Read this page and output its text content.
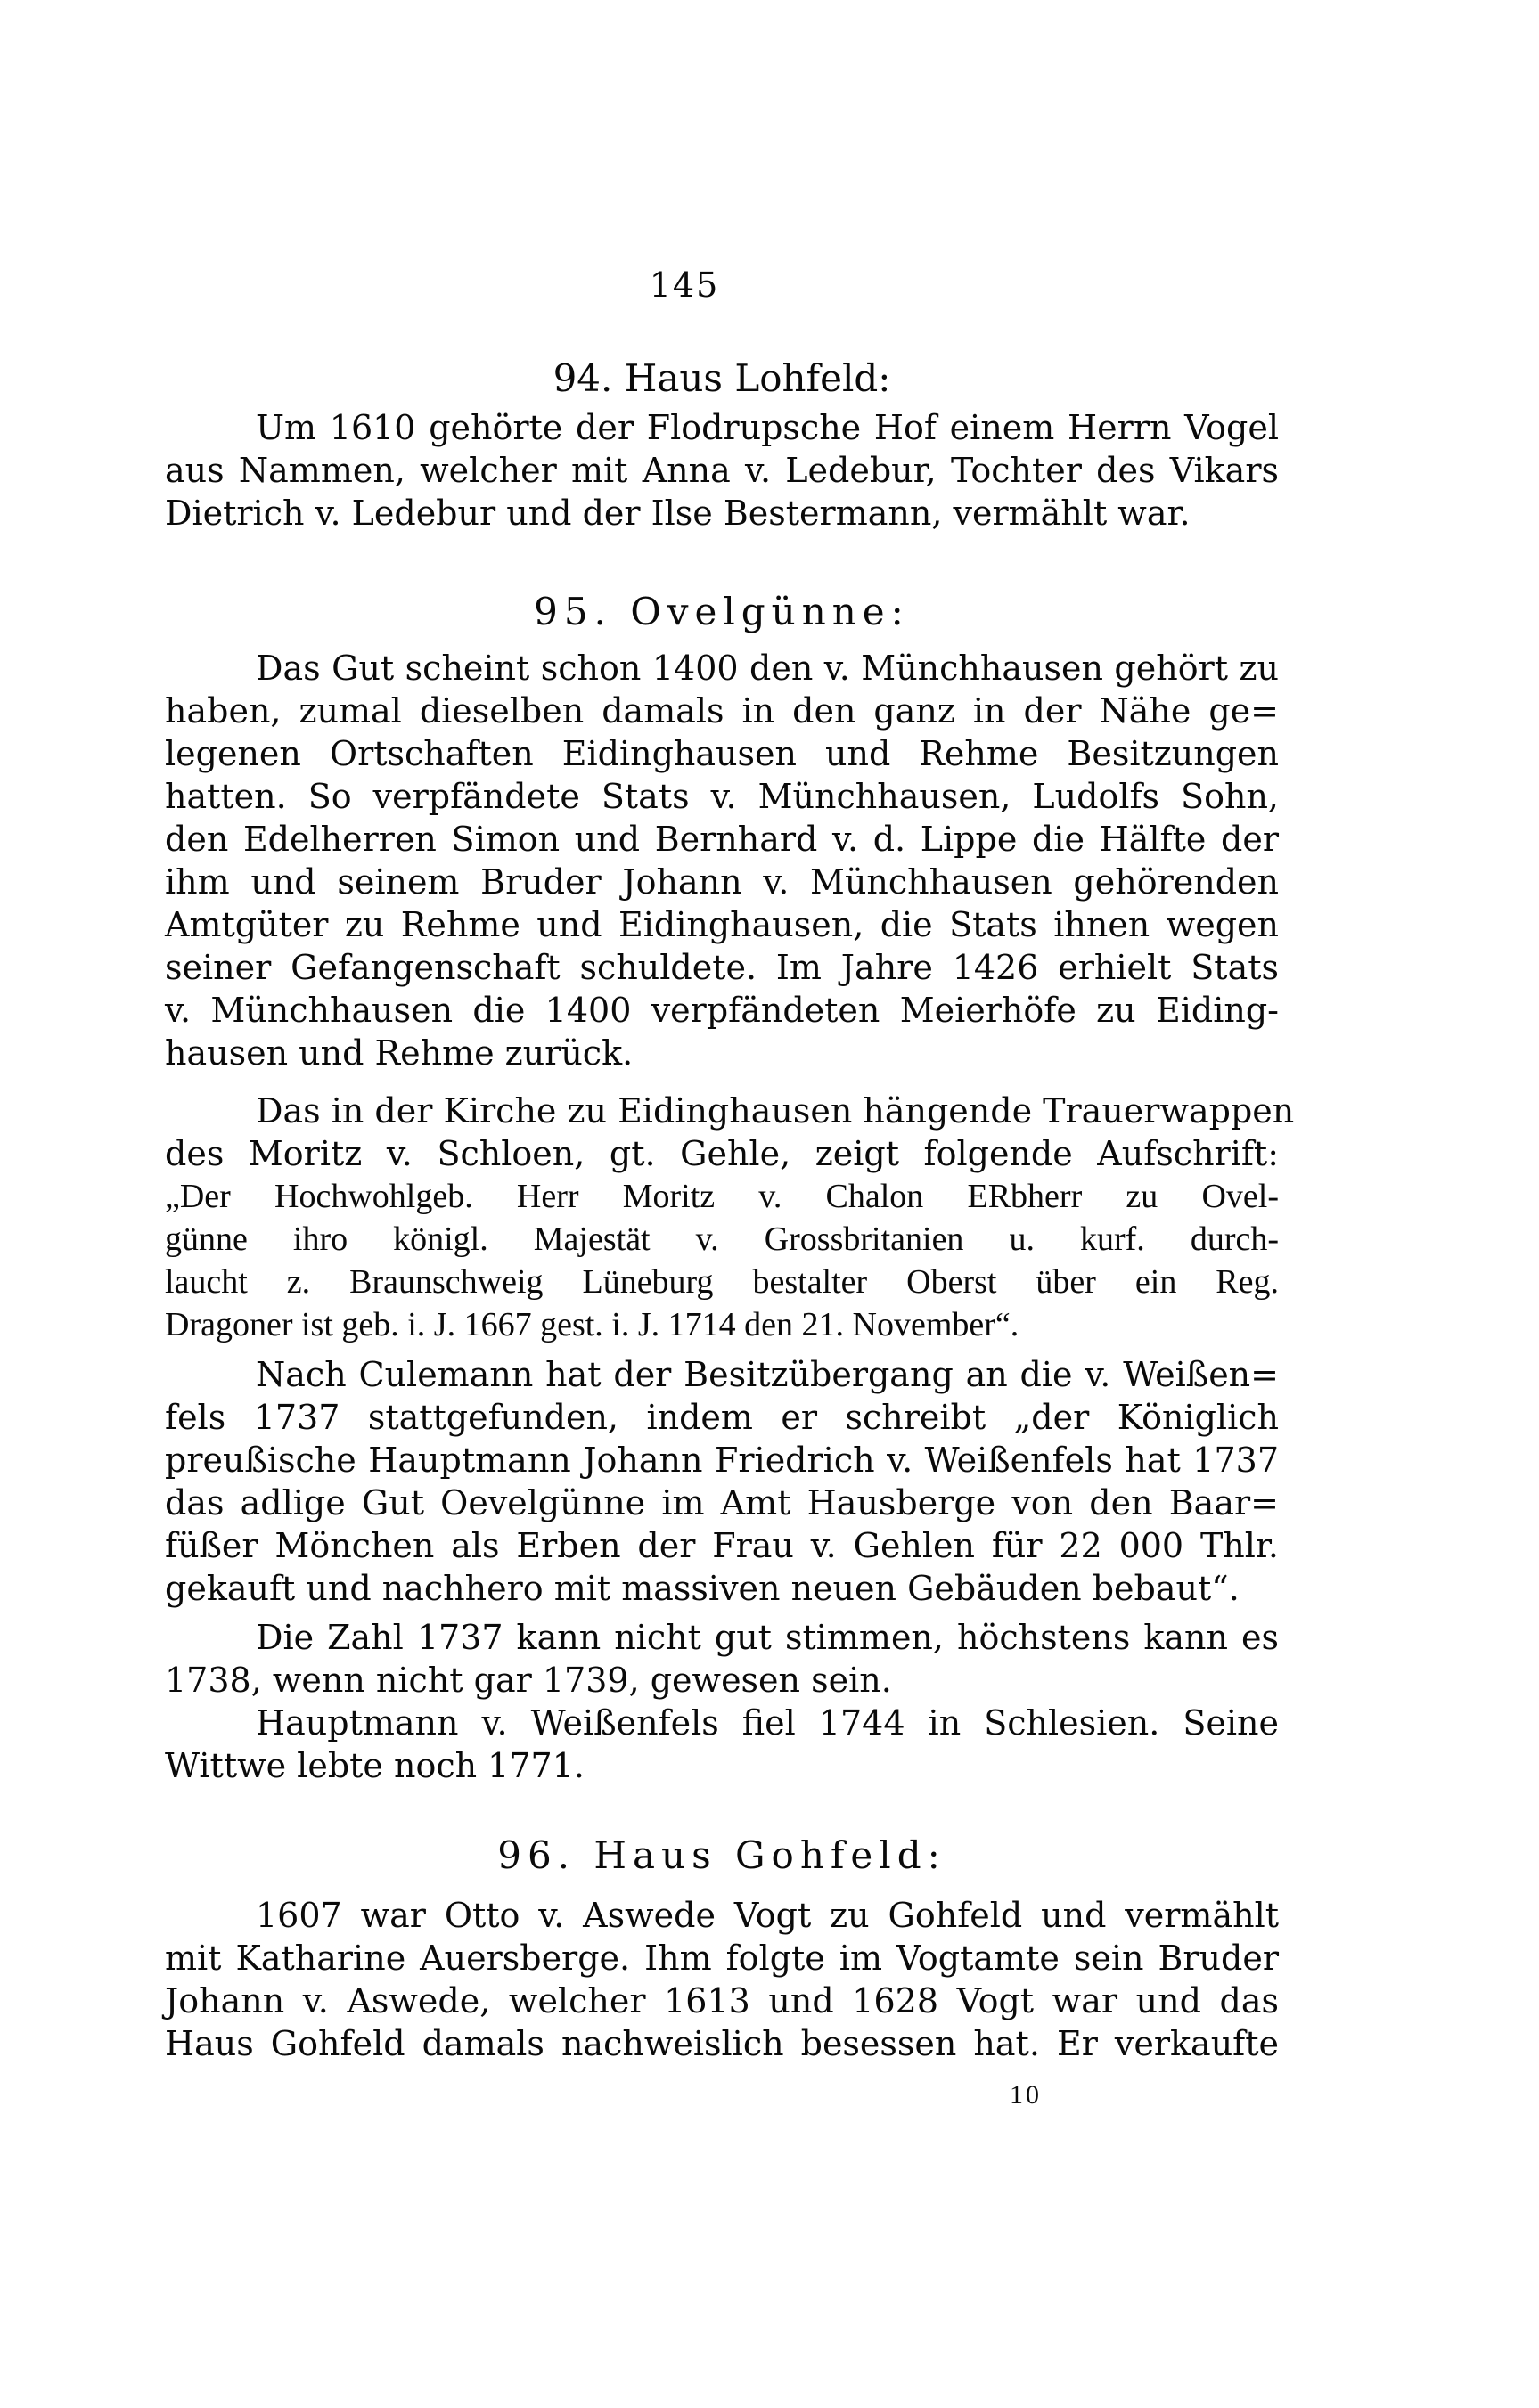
145
94. Haus Lohfeld:
Um 1610 gehörte der Flodrupsche Hof einem Herrn Vogel
aus Nammen, welcher mit Anna v. Ledebur, Tochter des Vikars
Dietrich v. Ledebur und der Ilse Bestermann, vermählt war.
95. Ovelgünne:
Das Gut scheint schon 1400 den v. Münchhausen gehört zu
haben, zumal dieselben damals in den ganz in der Nähe ge=
legenen Ortschaften Eidinghausen und Rehme Besitzungen
hatten. So verpfändete Stats v. Münchhausen, Ludolfs Sohn,
den Edelherren Simon und Bernhard v. d. Lippe die Hälfte der
ihm und seinem Bruder Johann v. Münchhausen gehörenden
Amtgüter zu Rehme und Eidinghausen, die Stats ihnen wegen
seiner Gefangenschaft schuldete. Im Jahre 1426 erhielt Stats
v. Münchhausen die 1400 verpfändeten Meierhöfe zu Eiding-
hausen und Rehme zurück.
Das in der Kirche zu Eidinghausen hängende Trauerwappen
des Moritz v. Schloen, gt. Gehle, zeigt folgende Aufschrift:
„Der Hochwohlgeb. Herr Moritz v. Chalon ERbherr zu Ovel-
günne ihro königl. Majestät v. Grossbritanien u. kurf. durch-
laucht z. Braunschweig Lüneburg bestalter Oberst über ein Reg.
Dragoner ist geb. i. J. 1667 gest. i. J. 1714 den 21. November“.
Nach Culemann hat der Besitzübergang an die v. Weißen=
fels 1737 stattgefunden, indem er schreibt „der Königlich
preußische Hauptmann Johann Friedrich v. Weißenfels hat 1737
das adlige Gut Oevelgünne im Amt Hausberge von den Baar=
füßer Mönchen als Erben der Frau v. Gehlen für 22 000 Thlr.
gekauft und nachhero mit massiven neuen Gebäuden bebaut“.
Die Zahl 1737 kann nicht gut stimmen, höchstens kann es
1738, wenn nicht gar 1739, gewesen sein.
Hauptmann v. Weißenfels fiel 1744 in Schlesien. Seine
Wittwe lebte noch 1771.
96. Haus Gohfeld:
1607 war Otto v. Aswede Vogt zu Gohfeld und vermählt
mit Katharine Auersberge. Ihm folgte im Vogtamte sein Bruder
Johann v. Aswede, welcher 1613 und 1628 Vogt war und das
Haus Gohfeld damals nachweislich besessen hat. Er verkaufte
10
